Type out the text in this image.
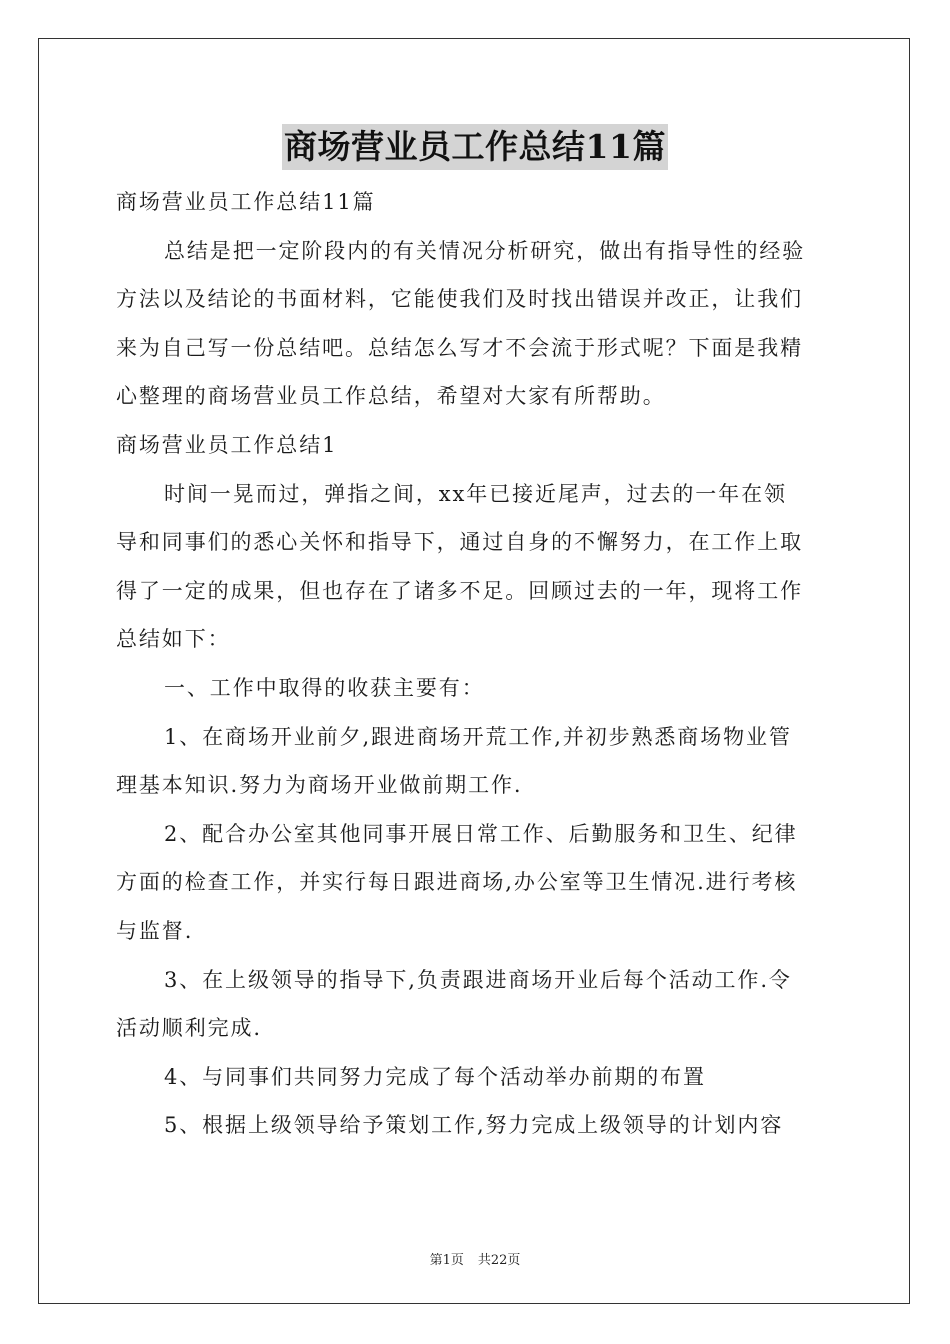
商场营业员工作总结11篇
商场营业员工作总结11篇
总结是把一定阶段内的有关情况分析研究，做出有指导性的经验
方法以及结论的书面材料，它能使我们及时找出错误并改正，让我们
来为自己写一份总结吧。总结怎么写才不会流于形式呢？下面是我精
心整理的商场营业员工作总结，希望对大家有所帮助。
商场营业员工作总结1
时间一晃而过，弹指之间，xx年已接近尾声，过去的一年在领
导和同事们的悉心关怀和指导下，通过自身的不懈努力，在工作上取
得了一定的成果，但也存在了诸多不足。回顾过去的一年，现将工作
总结如下：
一、工作中取得的收获主要有：
1、在商场开业前夕,跟进商场开荒工作,并初步熟悉商场物业管
理基本知识.努力为商场开业做前期工作.
2、配合办公室其他同事开展日常工作、后勤服务和卫生、纪律
方面的检查工作，并实行每日跟进商场,办公室等卫生情况.进行考核
与监督.
3、在上级领导的指导下,负责跟进商场开业后每个活动工作.令
活动顺利完成.
4、与同事们共同努力完成了每个活动举办前期的布置
5、根据上级领导给予策划工作,努力完成上级领导的计划内容
第1页 共22页
